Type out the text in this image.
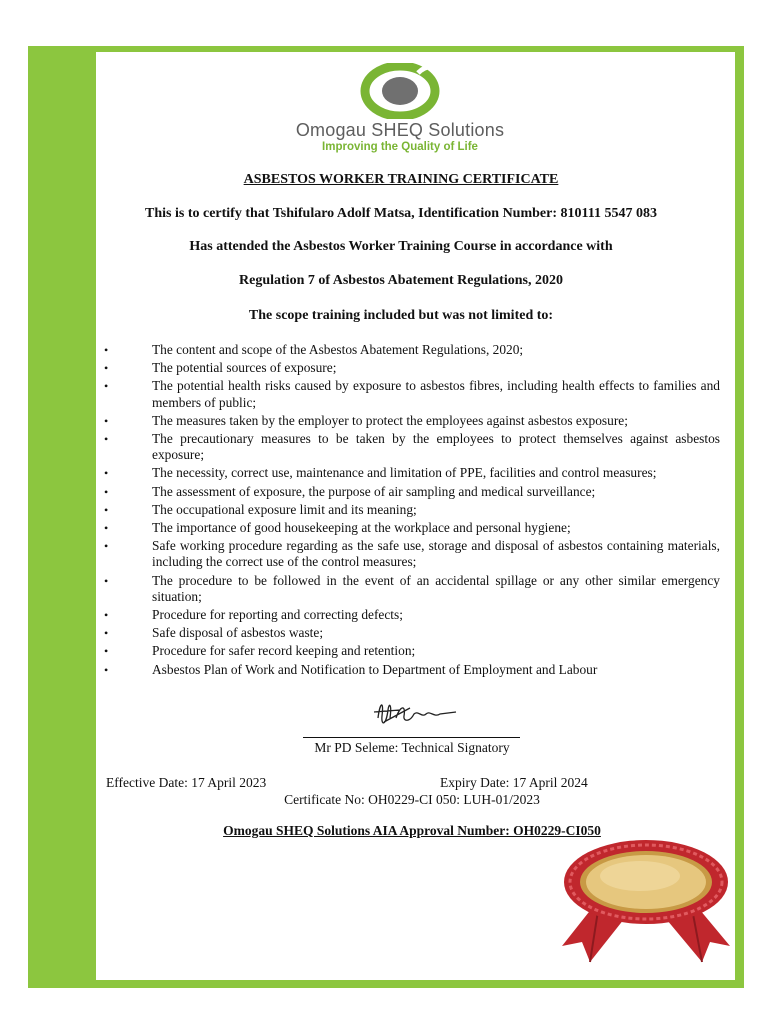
Omogau SHEQ Solutions
Improving the Quality of Life
ASBESTOS WORKER TRAINING CERTIFICATE
This is to certify that Tshifularo Adolf Matsa, Identification Number: 810111 5547 083
Has attended the Asbestos Worker Training Course in accordance with
Regulation 7 of Asbestos Abatement Regulations, 2020
The scope training included but was not limited to:
• The content and scope of the Asbestos Abatement Regulations, 2020;
• The potential sources of exposure;
• The potential health risks caused by exposure to asbestos fibres, including health effects to families and members of public;
• The measures taken by the employer to protect the employees against asbestos exposure;
• The precautionary measures to be taken by the employees to protect themselves against asbestos exposure;
• The necessity, correct use, maintenance and limitation of PPE, facilities and control measures;
• The assessment of exposure, the purpose of air sampling and medical surveillance;
• The occupational exposure limit and its meaning;
• The importance of good housekeeping at the workplace and personal hygiene;
• Safe working procedure regarding as the safe use, storage and disposal of asbestos containing materials, including the correct use of the control measures;
• The procedure to be followed in the event of an accidental spillage or any other similar emergency situation;
• Procedure for reporting and correcting defects;
• Safe disposal of asbestos waste;
• Procedure for safer record keeping and retention;
• Asbestos Plan of Work and Notification to Department of Employment and Labour
Mr PD Seleme: Technical Signatory
Effective Date: 17 April 2023	Expiry Date: 17 April 2024
Certificate No: OH0229-CI 050: LUH-01/2023
Omogau SHEQ Solutions AIA Approval Number: OH0229-CI050
